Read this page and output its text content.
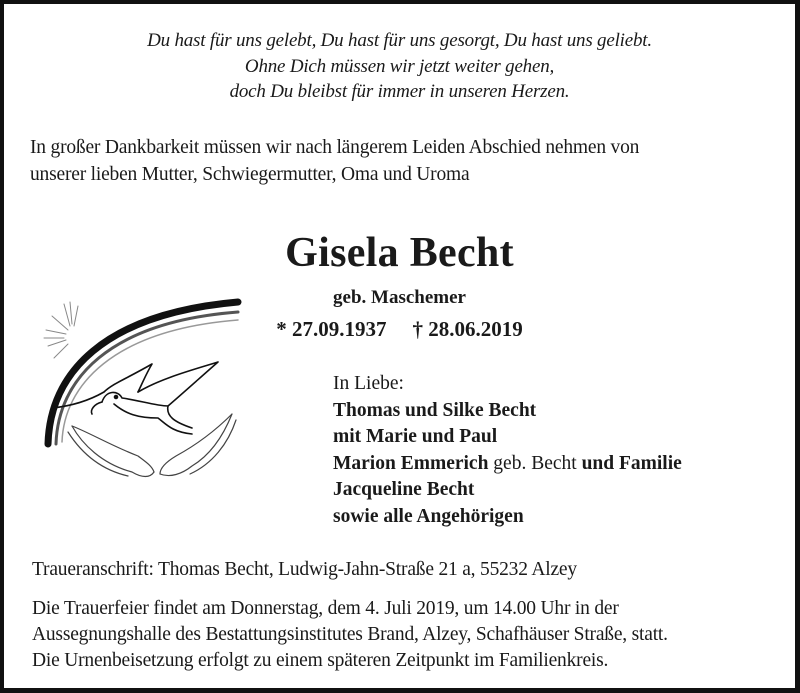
Du hast für uns gelebt, Du hast für uns gesorgt, Du hast uns geliebt.
Ohne Dich müssen wir jetzt weiter gehen,
doch Du bleibst für immer in unseren Herzen.
In großer Dankbarkeit müssen wir nach längerem Leiden Abschied nehmen von
unserer lieben Mutter, Schwiegermutter, Oma und Uroma
Gisela Becht
geb. Maschemer
* 27.09.1937 † 28.06.2019
In Liebe:
Thomas und Silke Becht
mit Marie und Paul
Marion Emmerich geb. Becht und Familie
Jacqueline Becht
sowie alle Angehörigen
Traueranschrift: Thomas Becht, Ludwig-Jahn-Straße 21 a, 55232 Alzey
Die Trauerfeier findet am Donnerstag, dem 4. Juli 2019, um 14.00 Uhr in der
Aussegnungshalle des Bestattungsinstitutes Brand, Alzey, Schafhäuser Straße, statt.
Die Urnenbeisetzung erfolgt zu einem späteren Zeitpunkt im Familienkreis.
